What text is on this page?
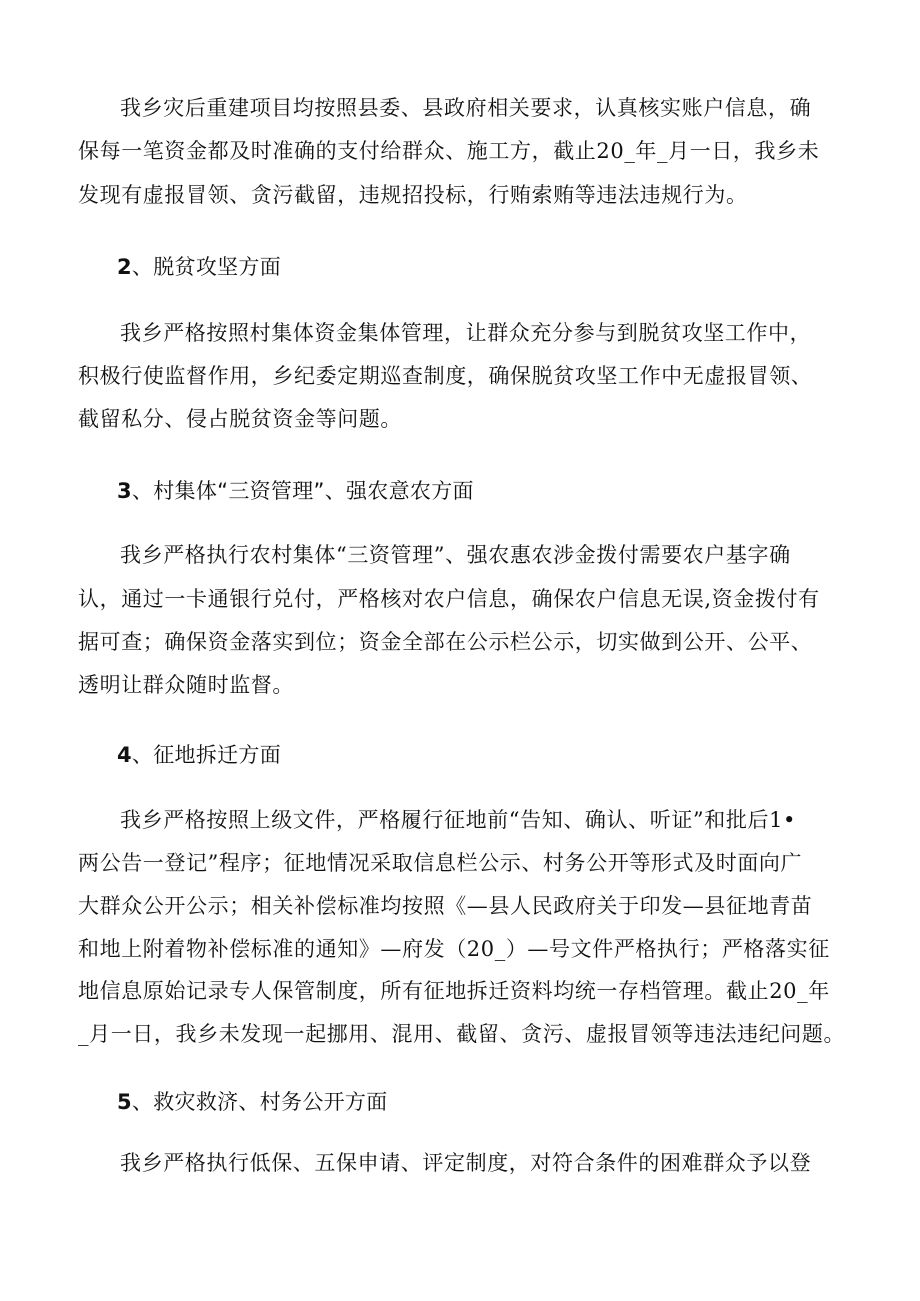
我乡灾后重建项目均按照县委、县政府相关要求，认真核实账户信息，确
保每一笔资金都及时准确的支付给群众、施工方，截止20_年_月一日，我乡未
发现有虚报冒领、贪污截留，违规招投标，行贿索贿等违法违规行为。
2、脱贫攻坚方面
我乡严格按照村集体资金集体管理，让群众充分参与到脱贫攻坚工作中，
积极行使监督作用，乡纪委定期巡查制度，确保脱贫攻坚工作中无虚报冒领、
截留私分、侵占脱贫资金等问题。
3、村集体“三资管理”、强农意农方面
我乡严格执行农村集体“三资管理”、强农惠农涉金拨付需要农户基字确
认，通过一卡通银行兑付，严格核对农户信息，确保农户信息无误,资金拨付有
据可查；确保资金落实到位；资金全部在公示栏公示，切实做到公开、公平、
透明让群众随时监督。
4、征地拆迁方面
我乡严格按照上级文件，严格履行征地前“告知、确认、听证”和批后1•
两公告一登记”程序；征地情况采取信息栏公示、村务公开等形式及时面向广
大群众公开公示；相关补偿标准均按照《—县人民政府关于印发—县征地青苗
和地上附着物补偿标准的通知》—府发（20_）—号文件严格执行；严格落实征
地信息原始记录专人保管制度，所有征地拆迁资料均统一存档管理。截止20_年
_月一日，我乡未发现一起挪用、混用、截留、贪污、虚报冒领等违法违纪问题。
5、救灾救济、村务公开方面
我乡严格执行低保、五保申请、评定制度，对符合条件的困难群众予以登
